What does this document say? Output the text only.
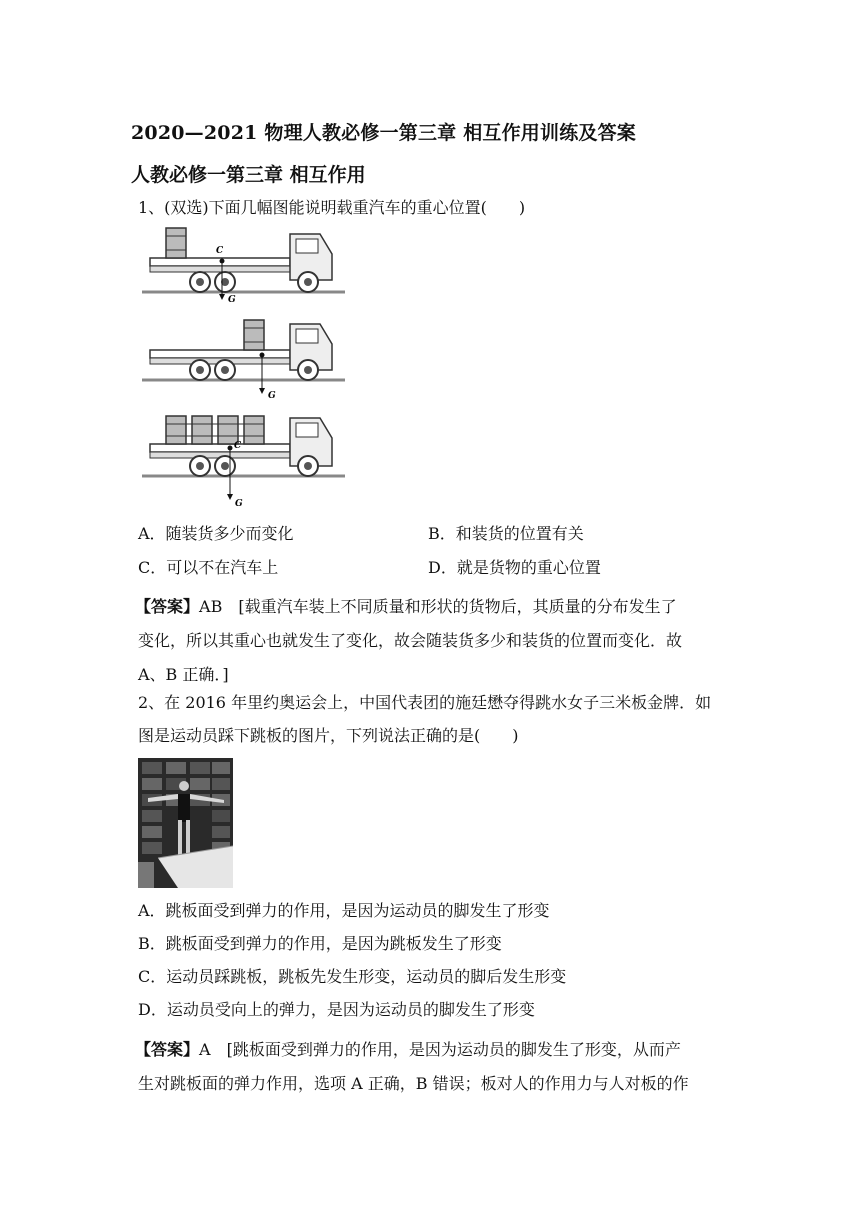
2020—2021 物理人教必修一第三章 相互作用训练及答案
人教必修一第三章 相互作用
1、(双选)下面几幅图能说明载重汽车的重心位置(　　)
C
G
G
C
G
A．随装货多少而变化	B．和装货的位置有关
C．可以不在汽车上	D．就是货物的重心位置
【答案】AB　[载重汽车装上不同质量和形状的货物后，其质量的分布发生了
变化，所以其重心也就发生了变化，故会随装货多少和装货的位置而变化．故
A、B 正确．]
2、在 2016 年里约奥运会上，中国代表团的施廷懋夺得跳水女子三米板金牌．如
图是运动员踩下跳板的图片，下列说法正确的是(　　)
A．跳板面受到弹力的作用，是因为运动员的脚发生了形变
B．跳板面受到弹力的作用，是因为跳板发生了形变
C．运动员踩跳板，跳板先发生形变，运动员的脚后发生形变
D．运动员受向上的弹力，是因为运动员的脚发生了形变
【答案】A　[跳板面受到弹力的作用，是因为运动员的脚发生了形变，从而产
生对跳板面的弹力作用，选项 A 正确，B 错误；板对人的作用力与人对板的作
